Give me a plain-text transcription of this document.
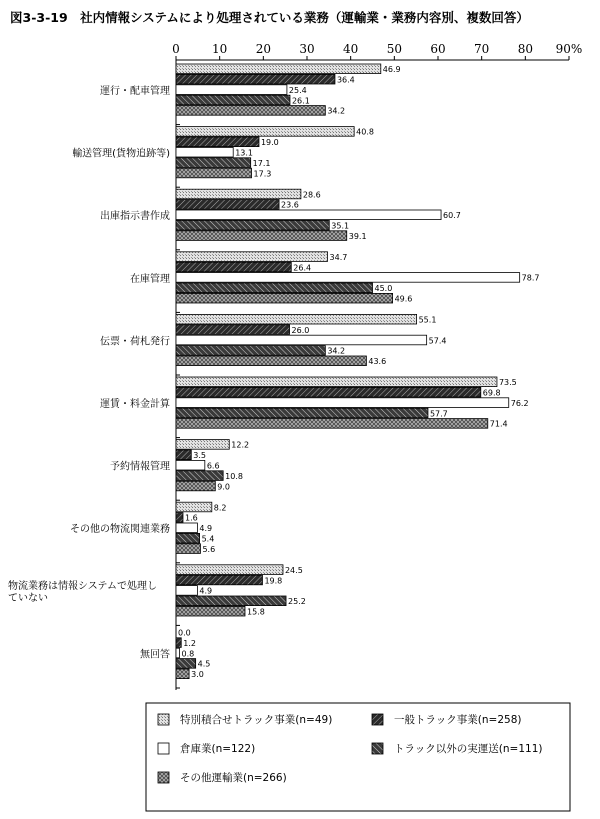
図3-3-19　社内情報システムにより処理されている業務（運輸業・業務内容別、複数回答）
0	10 20 30 40 50 60 70 80 90%
46.9
36.4
25.4
26.1
34.2
40.8
19.0
13.1
17.1
17.3
28.6
23.6
60.7
35.1
39.1
34.7
26.4
78.7
45.0
49.6
55.1
26.0
57.4
34.2
43.6
73.5
69.8
76.2
57.7
71.4
12.2
3.5
6.6
10.8
9.0
8.2
1.6
4.9
5.4
5.6
24.5
19.8
4.9
25.2
15.8
0.0
1.2
0.8
4.5
3.0
運行・配車管理
輸送管理(貨物追跡等)
出庫指示書作成
在庫管理
伝票・荷札発行
運賃・料金計算
予約情報管理
その他の物流関連業務
物流業務は情報システムで処理し
ていない
無回答
特別積合せトラック事業(n=49)	一般トラック事業(n=258)
倉庫業(n=122)	トラック以外の実運送(n=111)
その他運輸業(n=266)
